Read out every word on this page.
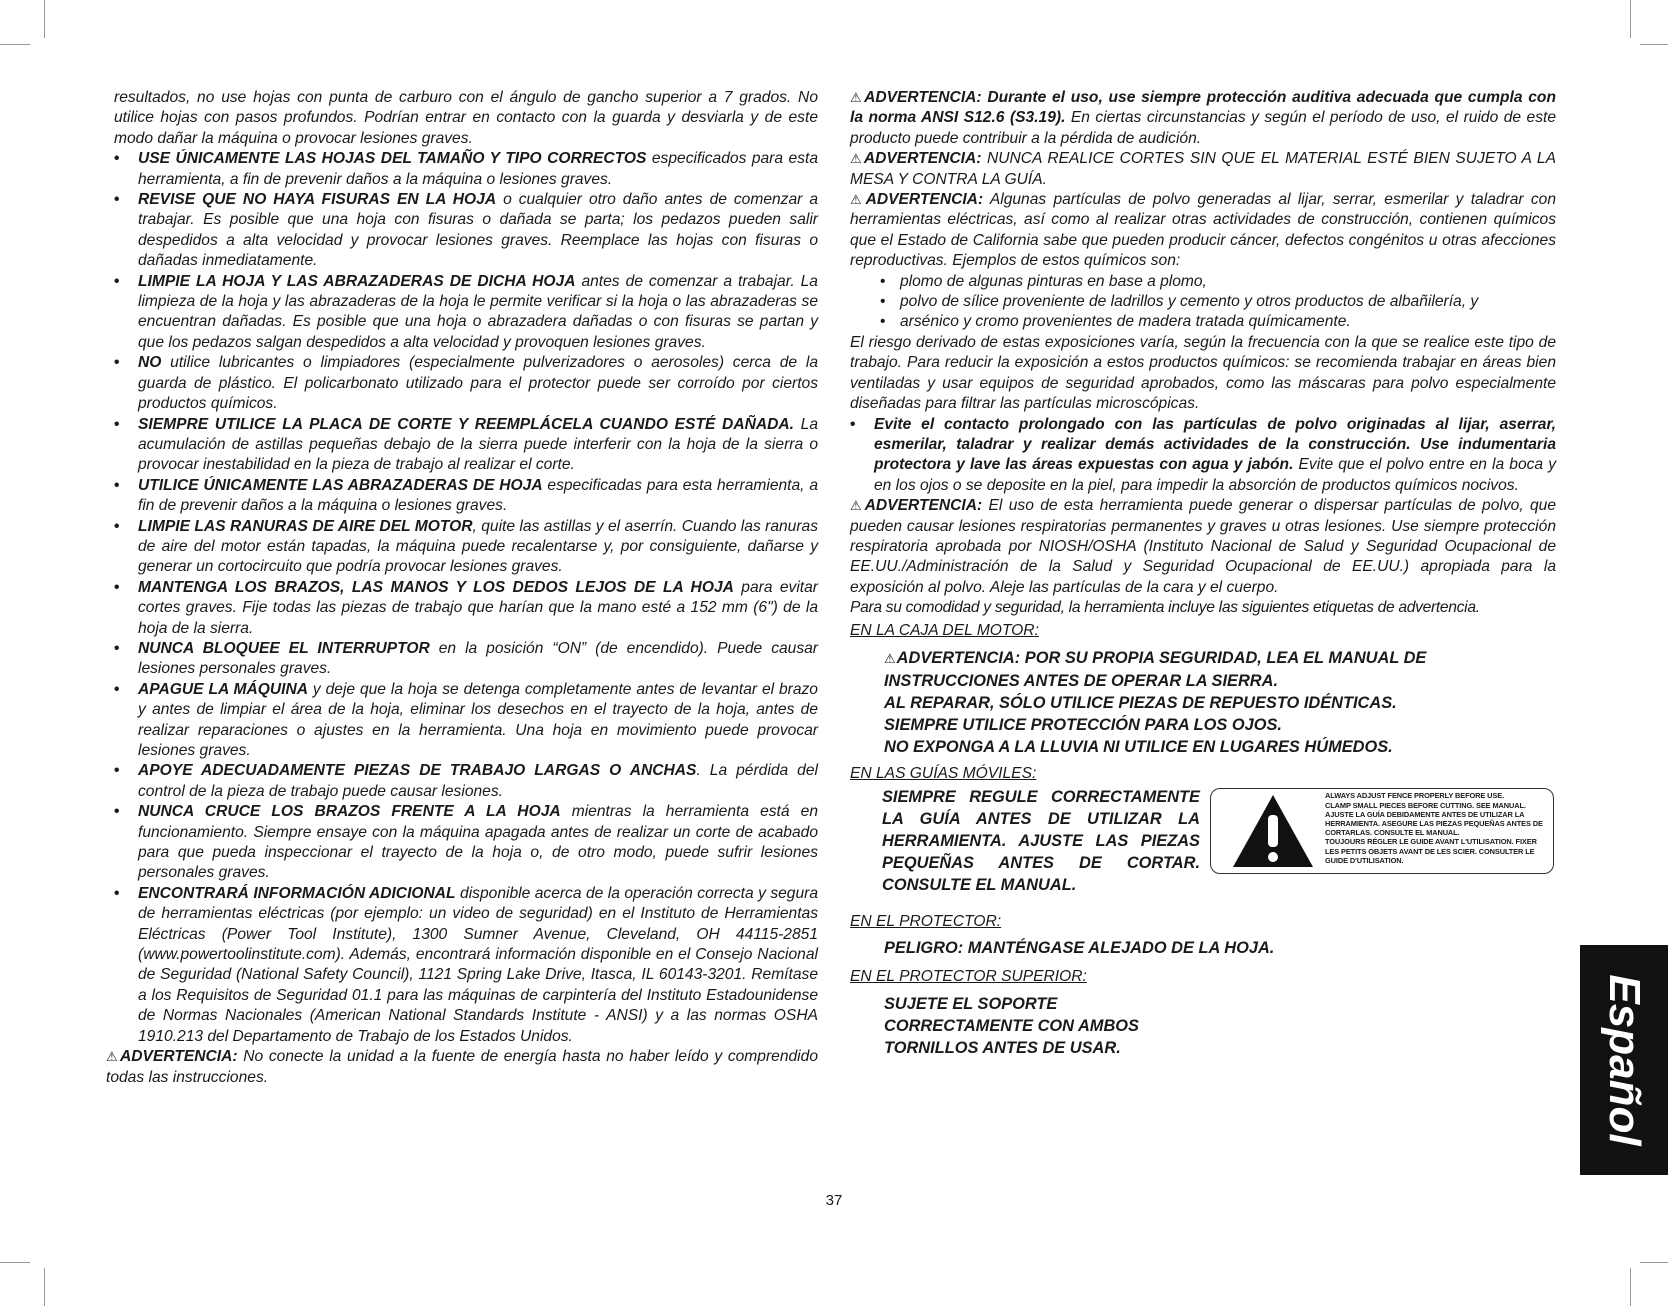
resultados, no use hojas con punta de carburo con el ángulo de gancho superior a 7 grados. No utilice hojas con pasos profundos. Podrían entrar en contacto con la guarda y desviarla y de este modo dañar la máquina o provocar lesiones graves.

• USE ÚNICAMENTE LAS HOJAS DEL TAMAÑO Y TIPO CORRECTOS especificados para esta herramienta, a fin de prevenir daños a la máquina o lesiones graves.

• REVISE QUE NO HAYA FISURAS EN LA HOJA o cualquier otro daño antes de comenzar a trabajar. Es posible que una hoja con fisuras o dañada se parta; los pedazos pueden salir despedidos a alta velocidad y provocar lesiones graves. Reemplace las hojas con fisuras o dañadas inmediatamente.

• LIMPIE LA HOJA Y LAS ABRAZADERAS DE DICHA HOJA antes de comenzar a trabajar. La limpieza de la hoja y las abrazaderas de la hoja le permite verificar si la hoja o las abrazaderas se encuentran dañadas. Es posible que una hoja o abrazadera dañadas o con fisuras se partan y que los pedazos salgan despedidos a alta velocidad y provoquen lesiones graves.

• NO utilice lubricantes o limpiadores (especialmente pulverizadores o aerosoles) cerca de la guarda de plástico. El policarbonato utilizado para el protector puede ser corroído por ciertos productos químicos.

• SIEMPRE UTILICE LA PLACA DE CORTE Y REEMPLÁCELA CUANDO ESTÉ DAÑADA. La acumulación de astillas pequeñas debajo de la sierra puede interferir con la hoja de la sierra o provocar inestabilidad en la pieza de trabajo al realizar el corte.

• UTILICE ÚNICAMENTE LAS ABRAZADERAS DE HOJA especificadas para esta herramienta, a fin de prevenir daños a la máquina o lesiones graves.

• LIMPIE LAS RANURAS DE AIRE DEL MOTOR, quite las astillas y el aserrín. Cuando las ranuras de aire del motor están tapadas, la máquina puede recalentarse y, por consiguiente, dañarse y generar un cortocircuito que podría provocar lesiones graves.

• MANTENGA LOS BRAZOS, LAS MANOS Y LOS DEDOS LEJOS DE LA HOJA para evitar cortes graves. Fije todas las piezas de trabajo que harían que la mano esté a 152 mm (6") de la hoja de la sierra.

• NUNCA BLOQUEE EL INTERRUPTOR en la posición “ON” (de encendido). Puede causar lesiones personales graves.

• APAGUE LA MÁQUINA y deje que la hoja se detenga completamente antes de levantar el brazo y antes de limpiar el área de la hoja, eliminar los desechos en el trayecto de la hoja, antes de realizar reparaciones o ajustes en la herramienta. Una hoja en movimiento puede provocar lesiones graves.

• APOYE ADECUADAMENTE PIEZAS DE TRABAJO LARGAS O ANCHAS. La pérdida del control de la pieza de trabajo puede causar lesiones.

• NUNCA CRUCE LOS BRAZOS FRENTE A LA HOJA mientras la herramienta está en funcionamiento. Siempre ensaye con la máquina apagada antes de realizar un corte de acabado para que pueda inspeccionar el trayecto de la hoja o, de otro modo, puede sufrir lesiones personales graves.

• ENCONTRARÁ INFORMACIÓN ADICIONAL disponible acerca de la operación correcta y segura de herramientas eléctricas (por ejemplo: un video de seguridad) en el Instituto de Herramientas Eléctricas (Power Tool Institute), 1300 Sumner Avenue, Cleveland, OH 44115-2851 (www.powertoolinstitute.com). Además, encontrará información disponible en el Consejo Nacional de Seguridad (National Safety Council), 1121 Spring Lake Drive, Itasca, IL 60143-3201. Remítase a los Requisitos de Seguridad 01.1 para las máquinas de carpintería del Instituto Estadounidense de Normas Nacionales (American National Standards Institute - ANSI) y a las normas OSHA 1910.213 del Departamento de Trabajo de los Estados Unidos.

⚠ADVERTENCIA: No conecte la unidad a la fuente de energía hasta no haber leído y comprendido todas las instrucciones.

⚠ADVERTENCIA: Durante el uso, use siempre protección auditiva adecuada que cumpla con la norma ANSI S12.6 (S3.19). En ciertas circunstancias y según el período de uso, el ruido de este producto puede contribuir a la pérdida de audición.

⚠ADVERTENCIA: NUNCA REALICE CORTES SIN QUE EL MATERIAL ESTÉ BIEN SUJETO A LA MESA Y CONTRA LA GUÍA.

⚠ADVERTENCIA: Algunas partículas de polvo generadas al lijar, serrar, esmerilar y taladrar con herramientas eléctricas, así como al realizar otras actividades de construcción, contienen químicos que el Estado de California sabe que pueden producir cáncer, defectos congénitos u otras afecciones reproductivas. Ejemplos de estos químicos son:

• plomo de algunas pinturas en base a plomo,

• polvo de sílice proveniente de ladrillos y cemento y otros productos de albañilería, y

• arsénico y cromo provenientes de madera tratada químicamente.

El riesgo derivado de estas exposiciones varía, según la frecuencia con la que se realice este tipo de trabajo. Para reducir la exposición a estos productos químicos: se recomienda trabajar en áreas bien ventiladas y usar equipos de seguridad aprobados, como las máscaras para polvo especialmente diseñadas para filtrar las partículas microscópicas.

• Evite el contacto prolongado con las partículas de polvo originadas al lijar, aserrar, esmerilar, taladrar y realizar demás actividades de la construcción. Use indumentaria protectora y lave las áreas expuestas con agua y jabón. Evite que el polvo entre en la boca y en los ojos o se deposite en la piel, para impedir la absorción de productos químicos nocivos.

⚠ADVERTENCIA: El uso de esta herramienta puede generar o dispersar partículas de polvo, que pueden causar lesiones respiratorias permanentes y graves u otras lesiones. Use siempre protección respiratoria aprobada por NIOSH/OSHA (Instituto Nacional de Salud y Seguridad Ocupacional de EE.UU./Administración de la Salud y Seguridad Ocupacional de EE.UU.) apropiada para la exposición al polvo. Aleje las partículas de la cara y el cuerpo.

Para su comodidad y seguridad, la herramienta incluye las siguientes etiquetas de advertencia.

EN LA CAJA DEL MOTOR:

⚠ADVERTENCIA: POR SU PROPIA SEGURIDAD, LEA EL MANUAL DE INSTRUCCIONES ANTES DE OPERAR LA SIERRA.

AL REPARAR, SÓLO UTILICE PIEZAS DE REPUESTO IDÉNTICAS.

SIEMPRE UTILICE PROTECCIÓN PARA LOS OJOS.

NO EXPONGA A LA LLUVIA NI UTILICE EN LUGARES HÚMEDOS.

EN LAS GUÍAS MÓVILES:

SIEMPRE REGULE CORRECTAMENTE LA GUÍA ANTES DE UTILIZAR LA HERRAMIENTA. AJUSTE LAS PIEZAS PEQUEÑAS ANTES DE CORTAR. CONSULTE EL MANUAL.
ALWAYS ADJUST FENCE PROPERLY BEFORE USE.
CLAMP SMALL PIECES BEFORE CUTTING. SEE MANUAL.
AJUSTE LA GUÍA DEBIDAMENTE ANTES DE UTILIZAR LA HERRAMIENTA. ASEGURE LAS PIEZAS PEQUEÑAS ANTES DE CORTARLAS. CONSULTE EL MANUAL.
TOUJOURS RÉGLER LE GUIDE AVANT L'UTILISATION. FIXER LES PETITS OBJETS AVANT DE LES SCIER. CONSULTER LE GUIDE D'UTILISATION.

EN EL PROTECTOR:

PELIGRO: MANTÉNGASE ALEJADO DE LA HOJA.

EN EL PROTECTOR SUPERIOR:

SUJETE EL SOPORTE CORRECTAMENTE CON AMBOS TORNILLOS ANTES DE USAR.

37
Español
